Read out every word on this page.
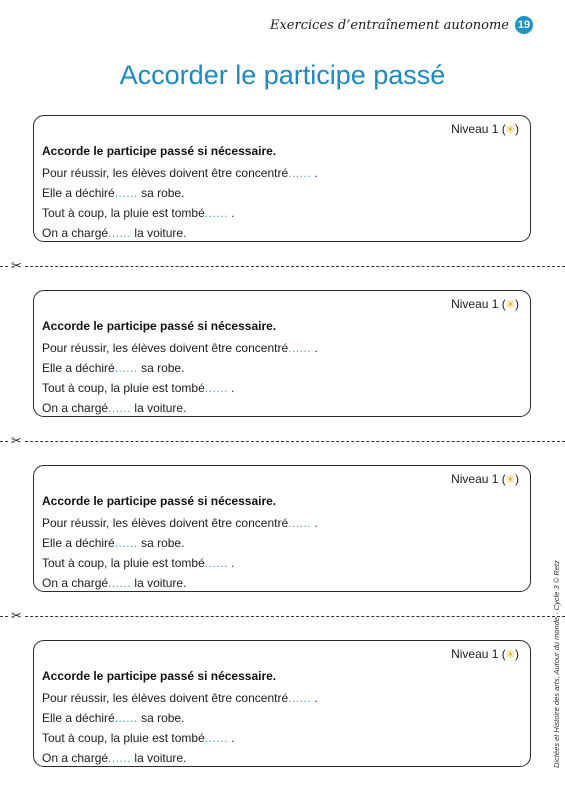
Exercices d’entraînement autonome 19
Accorder le participe passé
Niveau 1 (✳)
Accorde le participe passé si nécessaire.
Pour réussir, les élèves doivent être concentré...... .
Elle a déchiré...... sa robe.
Tout à coup, la pluie est tombé...... .
On a chargé...... la voiture.
Niveau 1 (✳)
Accorde le participe passé si nécessaire.
Pour réussir, les élèves doivent être concentré...... .
Elle a déchiré...... sa robe.
Tout à coup, la pluie est tombé...... .
On a chargé...... la voiture.
Niveau 1 (✳)
Accorde le participe passé si nécessaire.
Pour réussir, les élèves doivent être concentré...... .
Elle a déchiré...... sa robe.
Tout à coup, la pluie est tombé...... .
On a chargé...... la voiture.
Niveau 1 (✳)
Accorde le participe passé si nécessaire.
Pour réussir, les élèves doivent être concentré...... .
Elle a déchiré...... sa robe.
Tout à coup, la pluie est tombé...... .
On a chargé...... la voiture.	Dictées et Histoire des arts, Autour du monde · Cycle 3 © Retz
✂
✂
✂
